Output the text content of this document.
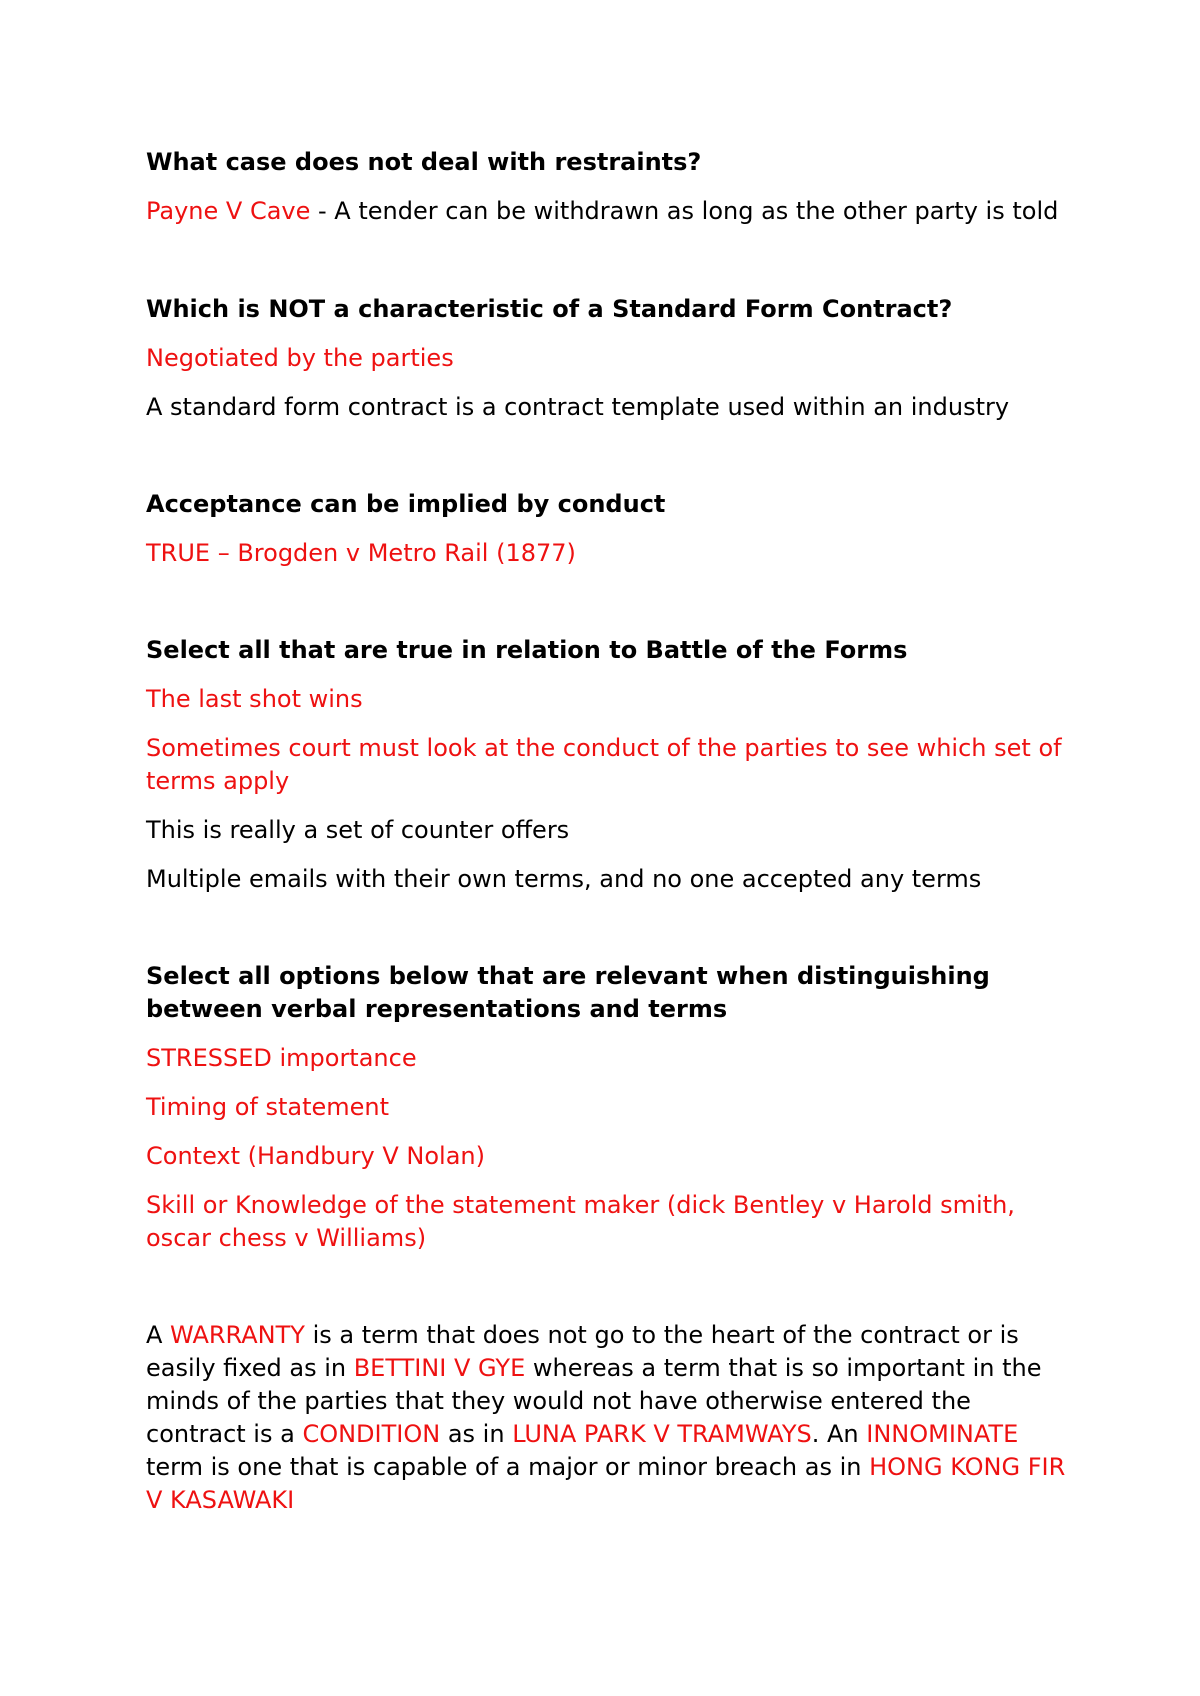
What case does not deal with restraints?
Payne V Cave - A tender can be withdrawn as long as the other party is told
Which is NOT a characteristic of a Standard Form Contract?
Negotiated by the parties
A standard form contract is a contract template used within an industry
Acceptance can be implied by conduct
TRUE – Brogden v Metro Rail (1877)
Select all that are true in relation to Battle of the Forms
The last shot wins
Sometimes court must look at the conduct of the parties to see which set of terms apply
This is really a set of counter offers
Multiple emails with their own terms, and no one accepted any terms
Select all options below that are relevant when distinguishing between verbal representations and terms
STRESSED importance
Timing of statement
Context (Handbury V Nolan)
Skill or Knowledge of the statement maker (dick Bentley v Harold smith, oscar chess v Williams)
A WARRANTY is a term that does not go to the heart of the contract or is easily fixed as in BETTINI V GYE whereas a term that is so important in the minds of the parties that they would not have otherwise entered the contract is a CONDITION as in LUNA PARK V TRAMWAYS. An INNOMINATE term is one that is capable of a major or minor breach as in HONG KONG FIR V KASAWAKI
